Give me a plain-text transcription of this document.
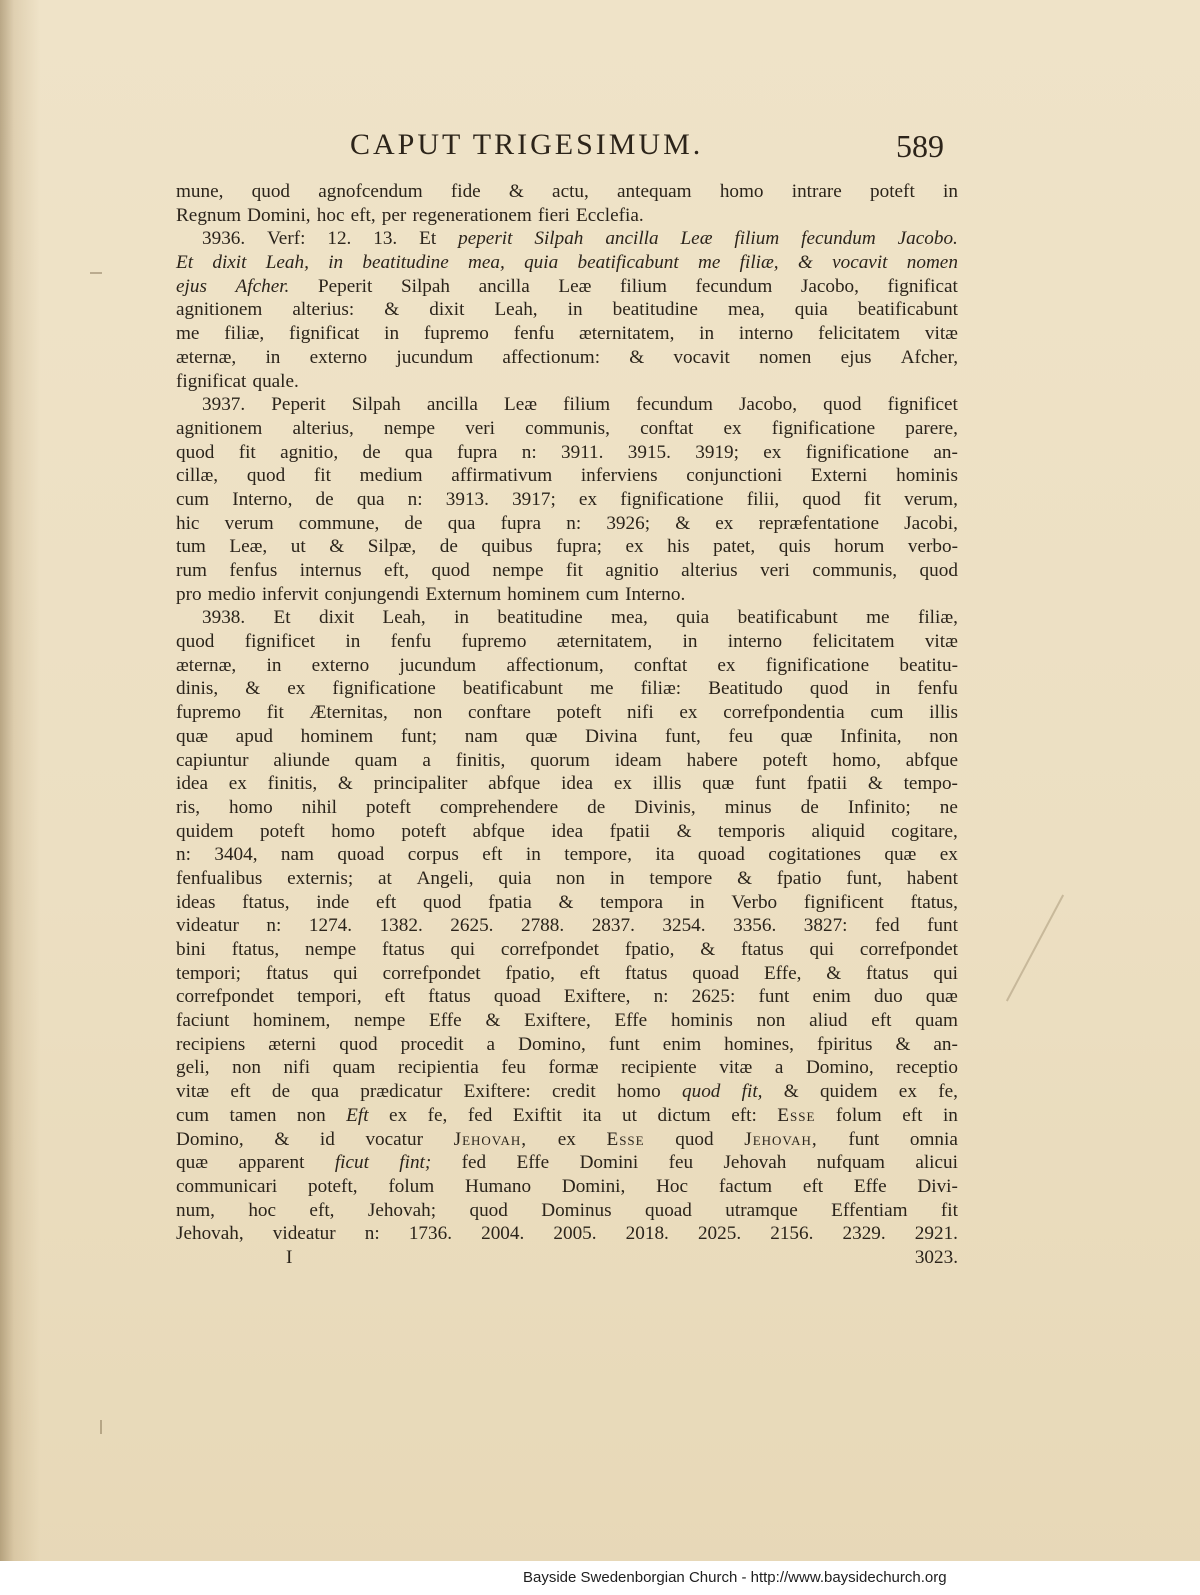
CAPUT TRIGESIMUM.	589
mune, quod agnofcendum fide & actu, antequam homo intrare poteft in
Regnum Domini, hoc eft, per regenerationem fieri Ecclefia.
3936. Verf: 12. 13. Et peperit Silpah ancilla Leæ filium fecundum Jacobo.
Et dixit Leah, in beatitudine mea, quia beatificabunt me filiæ, & vocavit nomen
ejus Afcher. Peperit Silpah ancilla Leæ filium fecundum Jacobo, fignificat
agnitionem alterius: & dixit Leah, in beatitudine mea, quia beatificabunt
me filiæ, fignificat in fupremo fenfu æternitatem, in interno felicitatem vitæ
æternæ, in externo jucundum affectionum: & vocavit nomen ejus Afcher,
fignificat quale.
3937. Peperit Silpah ancilla Leæ filium fecundum Jacobo, quod fignificet
agnitionem alterius, nempe veri communis, conftat ex fignificatione parere,
quod fit agnitio, de qua fupra n: 3911. 3915. 3919; ex fignificatione an-
cillæ, quod fit medium affirmativum inferviens conjunctioni Externi hominis
cum Interno, de qua n: 3913. 3917; ex fignificatione filii, quod fit verum,
hic verum commune, de qua fupra n: 3926; & ex repræfentatione Jacobi,
tum Leæ, ut & Silpæ, de quibus fupra; ex his patet, quis horum verbo-
rum fenfus internus eft, quod nempe fit agnitio alterius veri communis, quod
pro medio infervit conjungendi Externum hominem cum Interno.
3938. Et dixit Leah, in beatitudine mea, quia beatificabunt me filiæ,
quod fignificet in fenfu fupremo æternitatem, in interno felicitatem vitæ
æternæ, in externo jucundum affectionum, conftat ex fignificatione beatitu-
dinis, & ex fignificatione beatificabunt me filiæ: Beatitudo quod in fenfu
fupremo fit Æternitas, non conftare poteft nifi ex correfpondentia cum illis
quæ apud hominem funt; nam quæ Divina funt, feu quæ Infinita, non
capiuntur aliunde quam a finitis, quorum ideam habere poteft homo, abfque
idea ex finitis, & principaliter abfque idea ex illis quæ funt fpatii & tempo-
ris, homo nihil poteft comprehendere de Divinis, minus de Infinito; ne
quidem poteft homo poteft abfque idea fpatii & temporis aliquid cogitare,
n: 3404, nam quoad corpus eft in tempore, ita quoad cogitationes quæ ex
fenfualibus externis; at Angeli, quia non in tempore & fpatio funt, habent
ideas ftatus, inde eft quod fpatia & tempora in Verbo fignificent ftatus,
videatur n: 1274. 1382. 2625. 2788. 2837. 3254. 3356. 3827: fed funt
bini ftatus, nempe ftatus qui correfpondet fpatio, & ftatus qui correfpondet
tempori; ftatus qui correfpondet fpatio, eft ftatus quoad Effe, & ftatus qui
correfpondet tempori, eft ftatus quoad Exiftere, n: 2625: funt enim duo quæ
faciunt hominem, nempe Effe & Exiftere, Effe hominis non aliud eft quam
recipiens æterni quod procedit a Domino, funt enim homines, fpiritus & an-
geli, non nifi quam recipientia feu formæ recipiente vitæ a Domino, receptio
vitæ eft de qua prædicatur Exiftere: credit homo quod fit, & quidem ex fe,
cum tamen non Eft ex fe, fed Exiftit ita ut dictum eft: Esse folum eft in
Domino, & id vocatur Jehovah, ex Esse quod Jehovah, funt omnia
quæ apparent ficut fint; fed Effe Domini feu Jehovah nufquam alicui
communicari poteft, folum Humano Domini, Hoc factum eft Effe Divi-
num, hoc eft, Jehovah; quod Dominus quoad utramque Effentiam fit
Jehovah, videatur n: 1736. 2004. 2005. 2018. 2025. 2156. 2329. 2921.
I	3023.
Bayside Swedenborgian Church - http://www.baysidechurch.org
